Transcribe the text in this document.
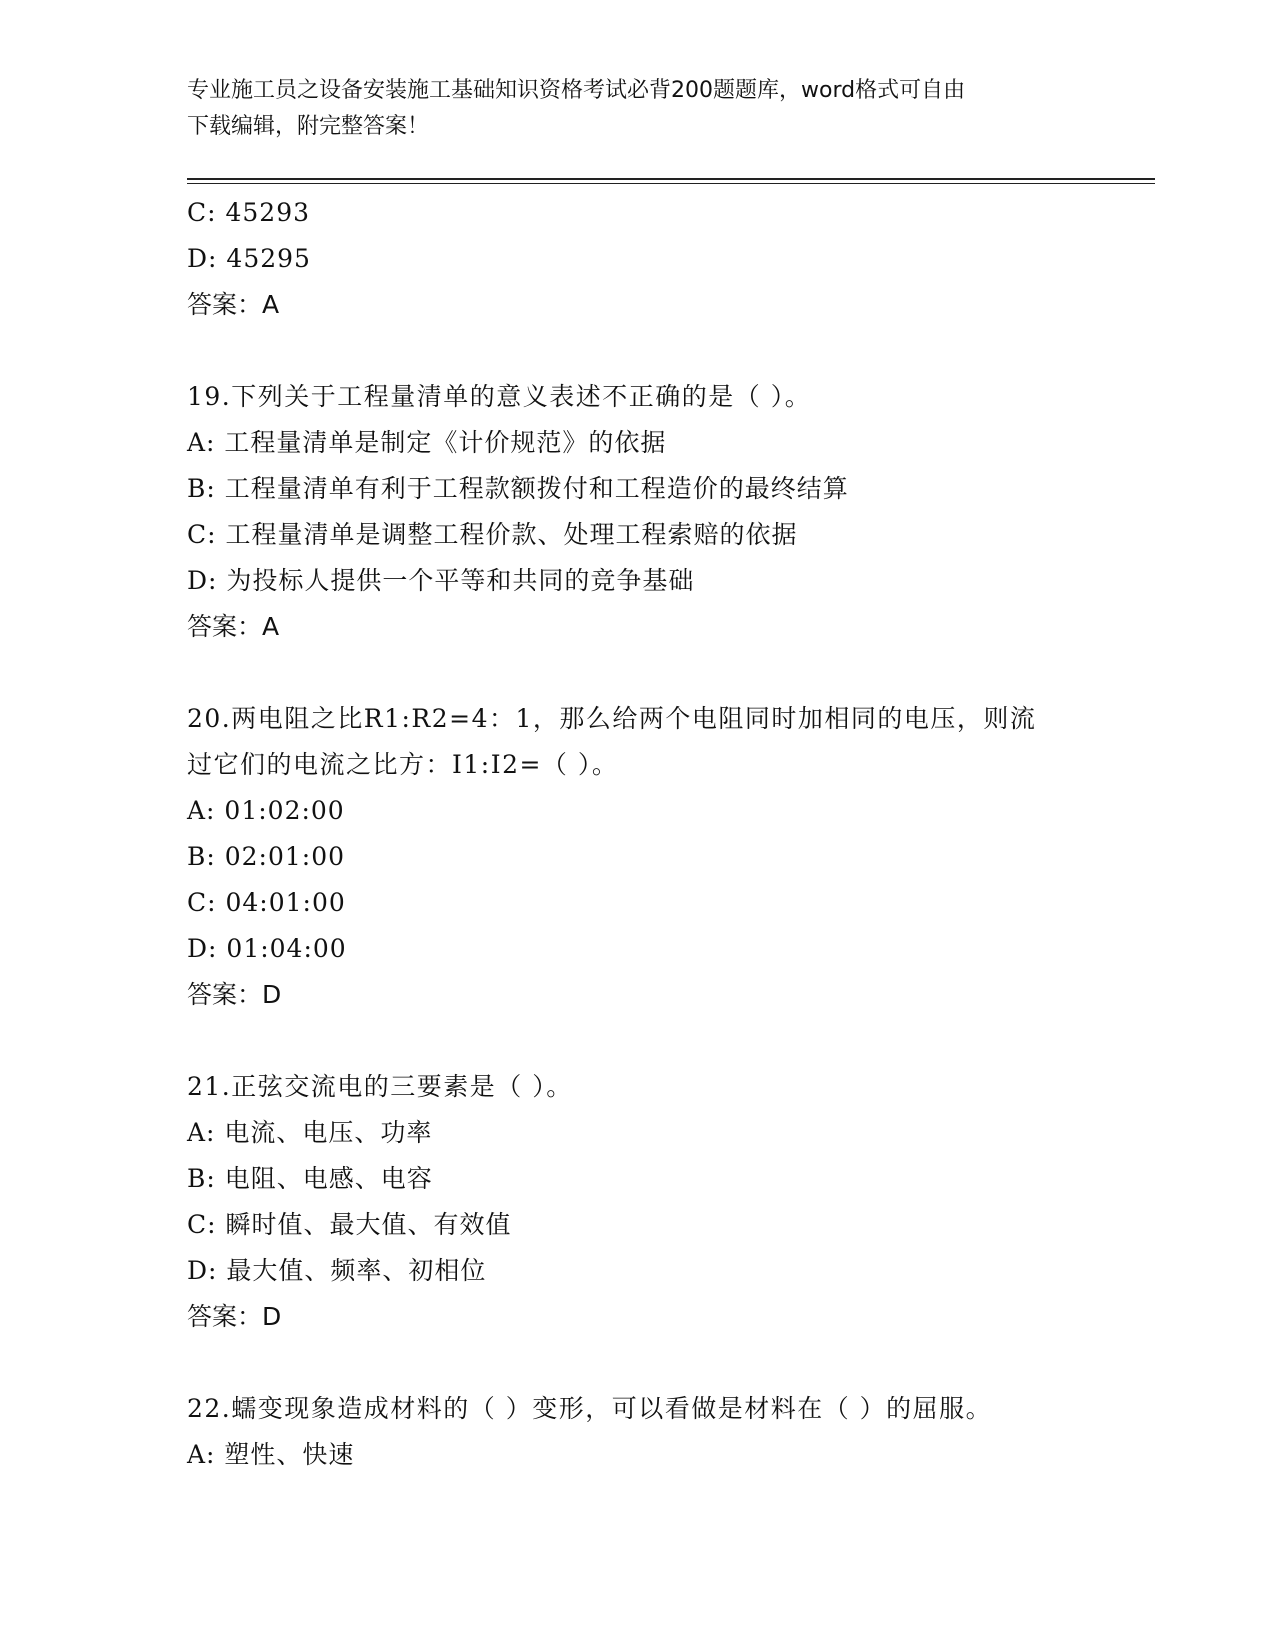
专业施工员之设备安装施工基础知识资格考试必背200题题库，word格式可自由
下载编辑，附完整答案！
C: 45293
D: 45295
答案：A
19.下列关于工程量清单的意义表述不正确的是（ ）。
A: 工程量清单是制定《计价规范》的依据
B: 工程量清单有利于工程款额拨付和工程造价的最终结算
C: 工程量清单是调整工程价款、处理工程索赔的依据
D: 为投标人提供一个平等和共同的竞争基础
答案：A
20.两电阻之比R1:R2=4：1，那么给两个电阻同时加相同的电压，则流
过它们的电流之比方：I1:I2=（ ）。
A: 01:02:00
B: 02:01:00
C: 04:01:00
D: 01:04:00
答案：D
21.正弦交流电的三要素是（ ）。
A: 电流、电压、功率
B: 电阻、电感、电容
C: 瞬时值、最大值、有效值
D: 最大值、频率、初相位
答案：D
22.蠕变现象造成材料的（ ）变形，可以看做是材料在（ ）的屈服。
A: 塑性、快速
